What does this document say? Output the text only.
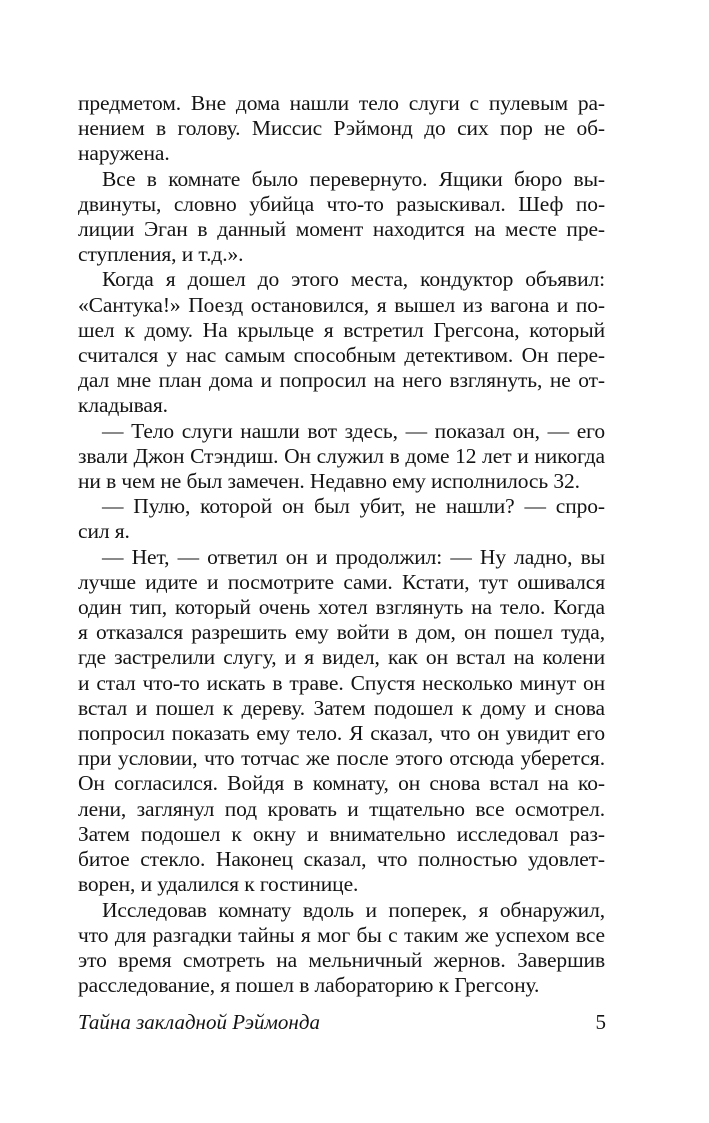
предметом. Вне дома нашли тело слуги с пулевым ра-
нением в голову. Миссис Рэймонд до сих пор не об-
наружена.
Все в комнате было перевернуто. Ящики бюро вы-
двинуты, словно убийца что-то разыскивал. Шеф по-
лиции Эган в данный момент находится на месте пре-
ступления, и т.д.».
Когда я дошел до этого места, кондуктор объявил:
«Сантука!» Поезд остановился, я вышел из вагона и по-
шел к дому. На крыльце я встретил Грегсона, который
считался у нас самым способным детективом. Он пере-
дал мне план дома и попросил на него взглянуть, не от-
кладывая.
— Тело слуги нашли вот здесь, — показал он, — его
звали Джон Стэндиш. Он служил в доме 12 лет и никогда
ни в чем не был замечен. Недавно ему исполнилось 32.
— Пулю, которой он был убит, не нашли? — спро-
сил я.
— Нет, — ответил он и продолжил: — Ну ладно, вы
лучше идите и посмотрите сами. Кстати, тут ошивался
один тип, который очень хотел взглянуть на тело. Когда
я отказался разрешить ему войти в дом, он пошел туда,
где застрелили слугу, и я видел, как он встал на колени
и стал что-то искать в траве. Спустя несколько минут он
встал и пошел к дереву. Затем подошел к дому и снова
попросил показать ему тело. Я сказал, что он увидит его
при условии, что тотчас же после этого отсюда уберется.
Он согласился. Войдя в комнату, он снова встал на ко-
лени, заглянул под кровать и тщательно все осмотрел.
Затем подошел к окну и внимательно исследовал раз-
битое стекло. Наконец сказал, что полностью удовлет-
ворен, и удалился к гостинице.
Исследовав комнату вдоль и поперек, я обнаружил,
что для разгадки тайны я мог бы с таким же успехом все
это время смотреть на мельничный жернов. Завершив
расследование, я пошел в лабораторию к Грегсону.
Тайна закладной Рэймонда	5
